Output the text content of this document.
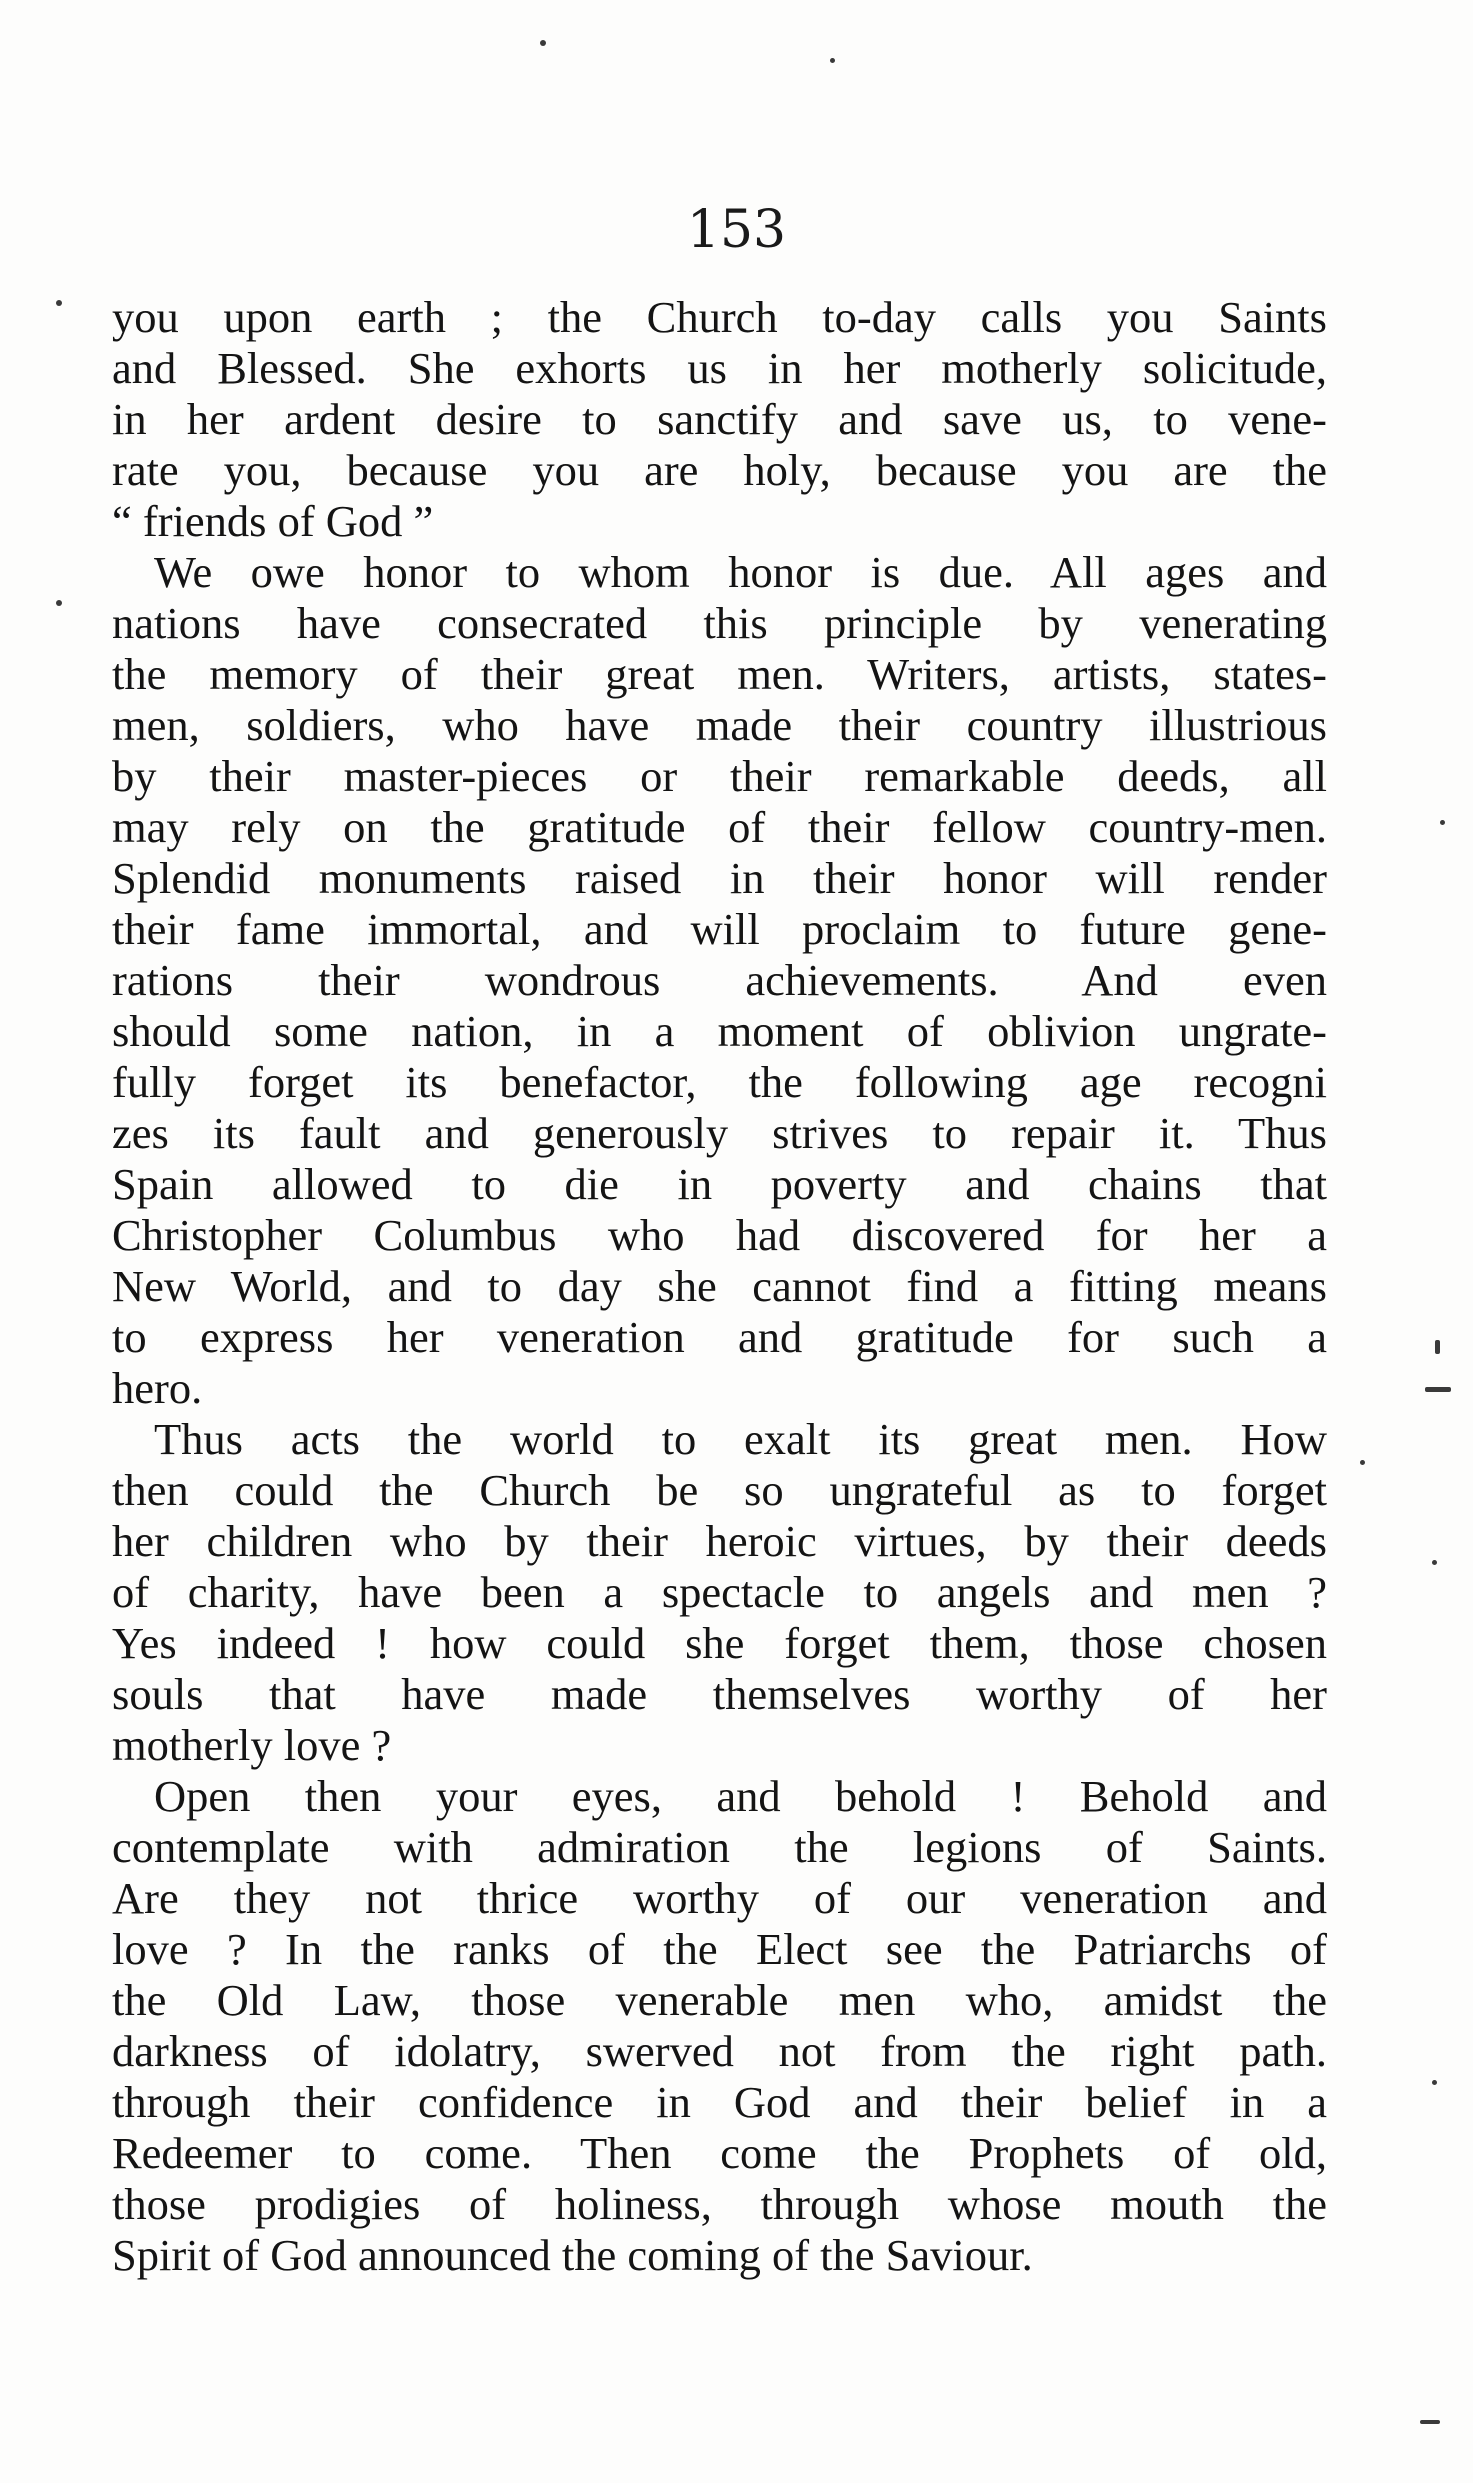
153
you upon earth ; the Church to-day calls you Saints
and Blessed. She exhorts us in her motherly solicitude,
in her ardent desire to sanctify and save us, to vene-
rate you, because you are holy, because you are the
“ friends of God ”
We owe honor to whom honor is due. All ages and
nations have consecrated this principle by venerating
the memory of their great men. Writers, artists, states-
men, soldiers, who have made their country illustrious
by their master-pieces or their remarkable deeds, all
may rely on the gratitude of their fellow country-men.
Splendid monuments raised in their honor will render
their fame immortal, and will proclaim to future gene-
rations their wondrous achievements. And even
should some nation, in a moment of oblivion ungrate-
fully forget its benefactor, the following age recogni
zes its fault and generously strives to repair it. Thus
Spain allowed to die in poverty and chains that
Christopher Columbus who had discovered for her a
New World, and to day she cannot find a fitting means
to express her veneration and gratitude for such a
hero.
Thus acts the world to exalt its great men. How
then could the Church be so ungrateful as to forget
her children who by their heroic virtues, by their deeds
of charity, have been a spectacle to angels and men ?
Yes indeed ! how could she forget them, those chosen
souls that have made themselves worthy of her
motherly love ?
Open then your eyes, and behold ! Behold and
contemplate with admiration the legions of Saints.
Are they not thrice worthy of our veneration and
love ? In the ranks of the Elect see the Patriarchs of
the Old Law, those venerable men who, amidst the
darkness of idolatry, swerved not from the right path.
through their confidence in God and their belief in a
Redeemer to come. Then come the Prophets of old,
those prodigies of holiness, through whose mouth the
Spirit of God announced the coming of the Saviour.
